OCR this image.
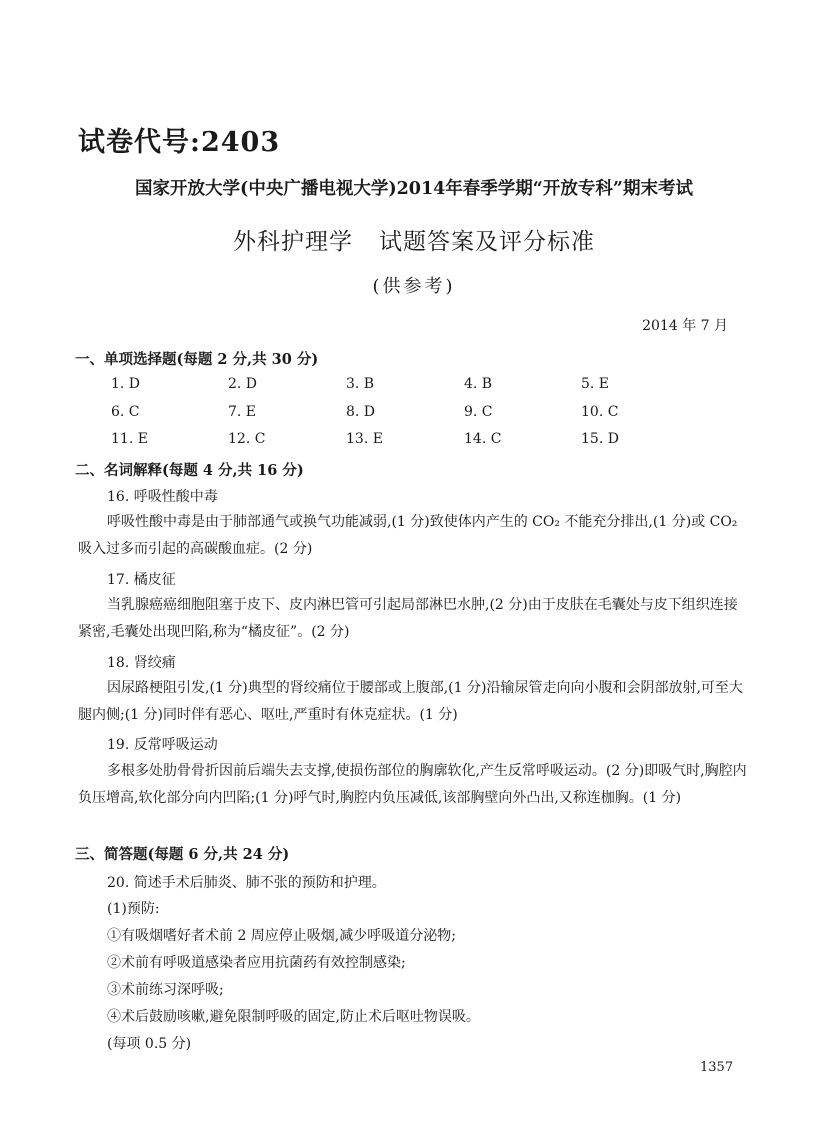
试卷代号:2403
国家开放大学(中央广播电视大学)2014年春季学期“开放专科”期末考试
外科护理学 试题答案及评分标准
(供参考)
2014 年 7 月
一、单项选择题(每题 2 分,共 30 分)
1. D	2. D	3. B	4. B	5. E
6. C	7. E	8. D	9. C	10. C
11. E	12. C	13. E	14. C	15. D
二、名词解释(每题 4 分,共 16 分)
16. 呼吸性酸中毒

呼吸性酸中毒是由于肺部通气或换气功能减弱,(1 分)致使体内产生的 CO₂ 不能充分排出,(1 分)或 CO₂ 吸入过多而引起的高碳酸血症。(2 分)

17. 橘皮征

当乳腺癌癌细胞阻塞于皮下、皮内淋巴管可引起局部淋巴水肿,(2 分)由于皮肤在毛囊处与皮下组织连接紧密,毛囊处出现凹陷,称为“橘皮征”。(2 分)

18. 肾绞痛

因尿路梗阻引发,(1 分)典型的肾绞痛位于腰部或上腹部,(1 分)沿输尿管走向向小腹和会阴部放射,可至大腿内侧;(1 分)同时伴有恶心、呕吐,严重时有休克症状。(1 分)

19. 反常呼吸运动

多根多处肋骨骨折因前后端失去支撑,使损伤部位的胸廓软化,产生反常呼吸运动。(2 分)即吸气时,胸腔内负压增高,软化部分向内凹陷;(1 分)呼气时,胸腔内负压减低,该部胸壁向外凸出,又称连枷胸。(1 分)

三、简答题(每题 6 分,共 24 分)
20. 简述手术后肺炎、肺不张的预防和护理。
(1)预防:
①有吸烟嗜好者术前 2 周应停止吸烟,减少呼吸道分泌物;
②术前有呼吸道感染者应用抗菌药有效控制感染;
③术前练习深呼吸;
④术后鼓励咳嗽,避免限制呼吸的固定,防止术后呕吐物误吸。
(每项 0.5 分)
1357
